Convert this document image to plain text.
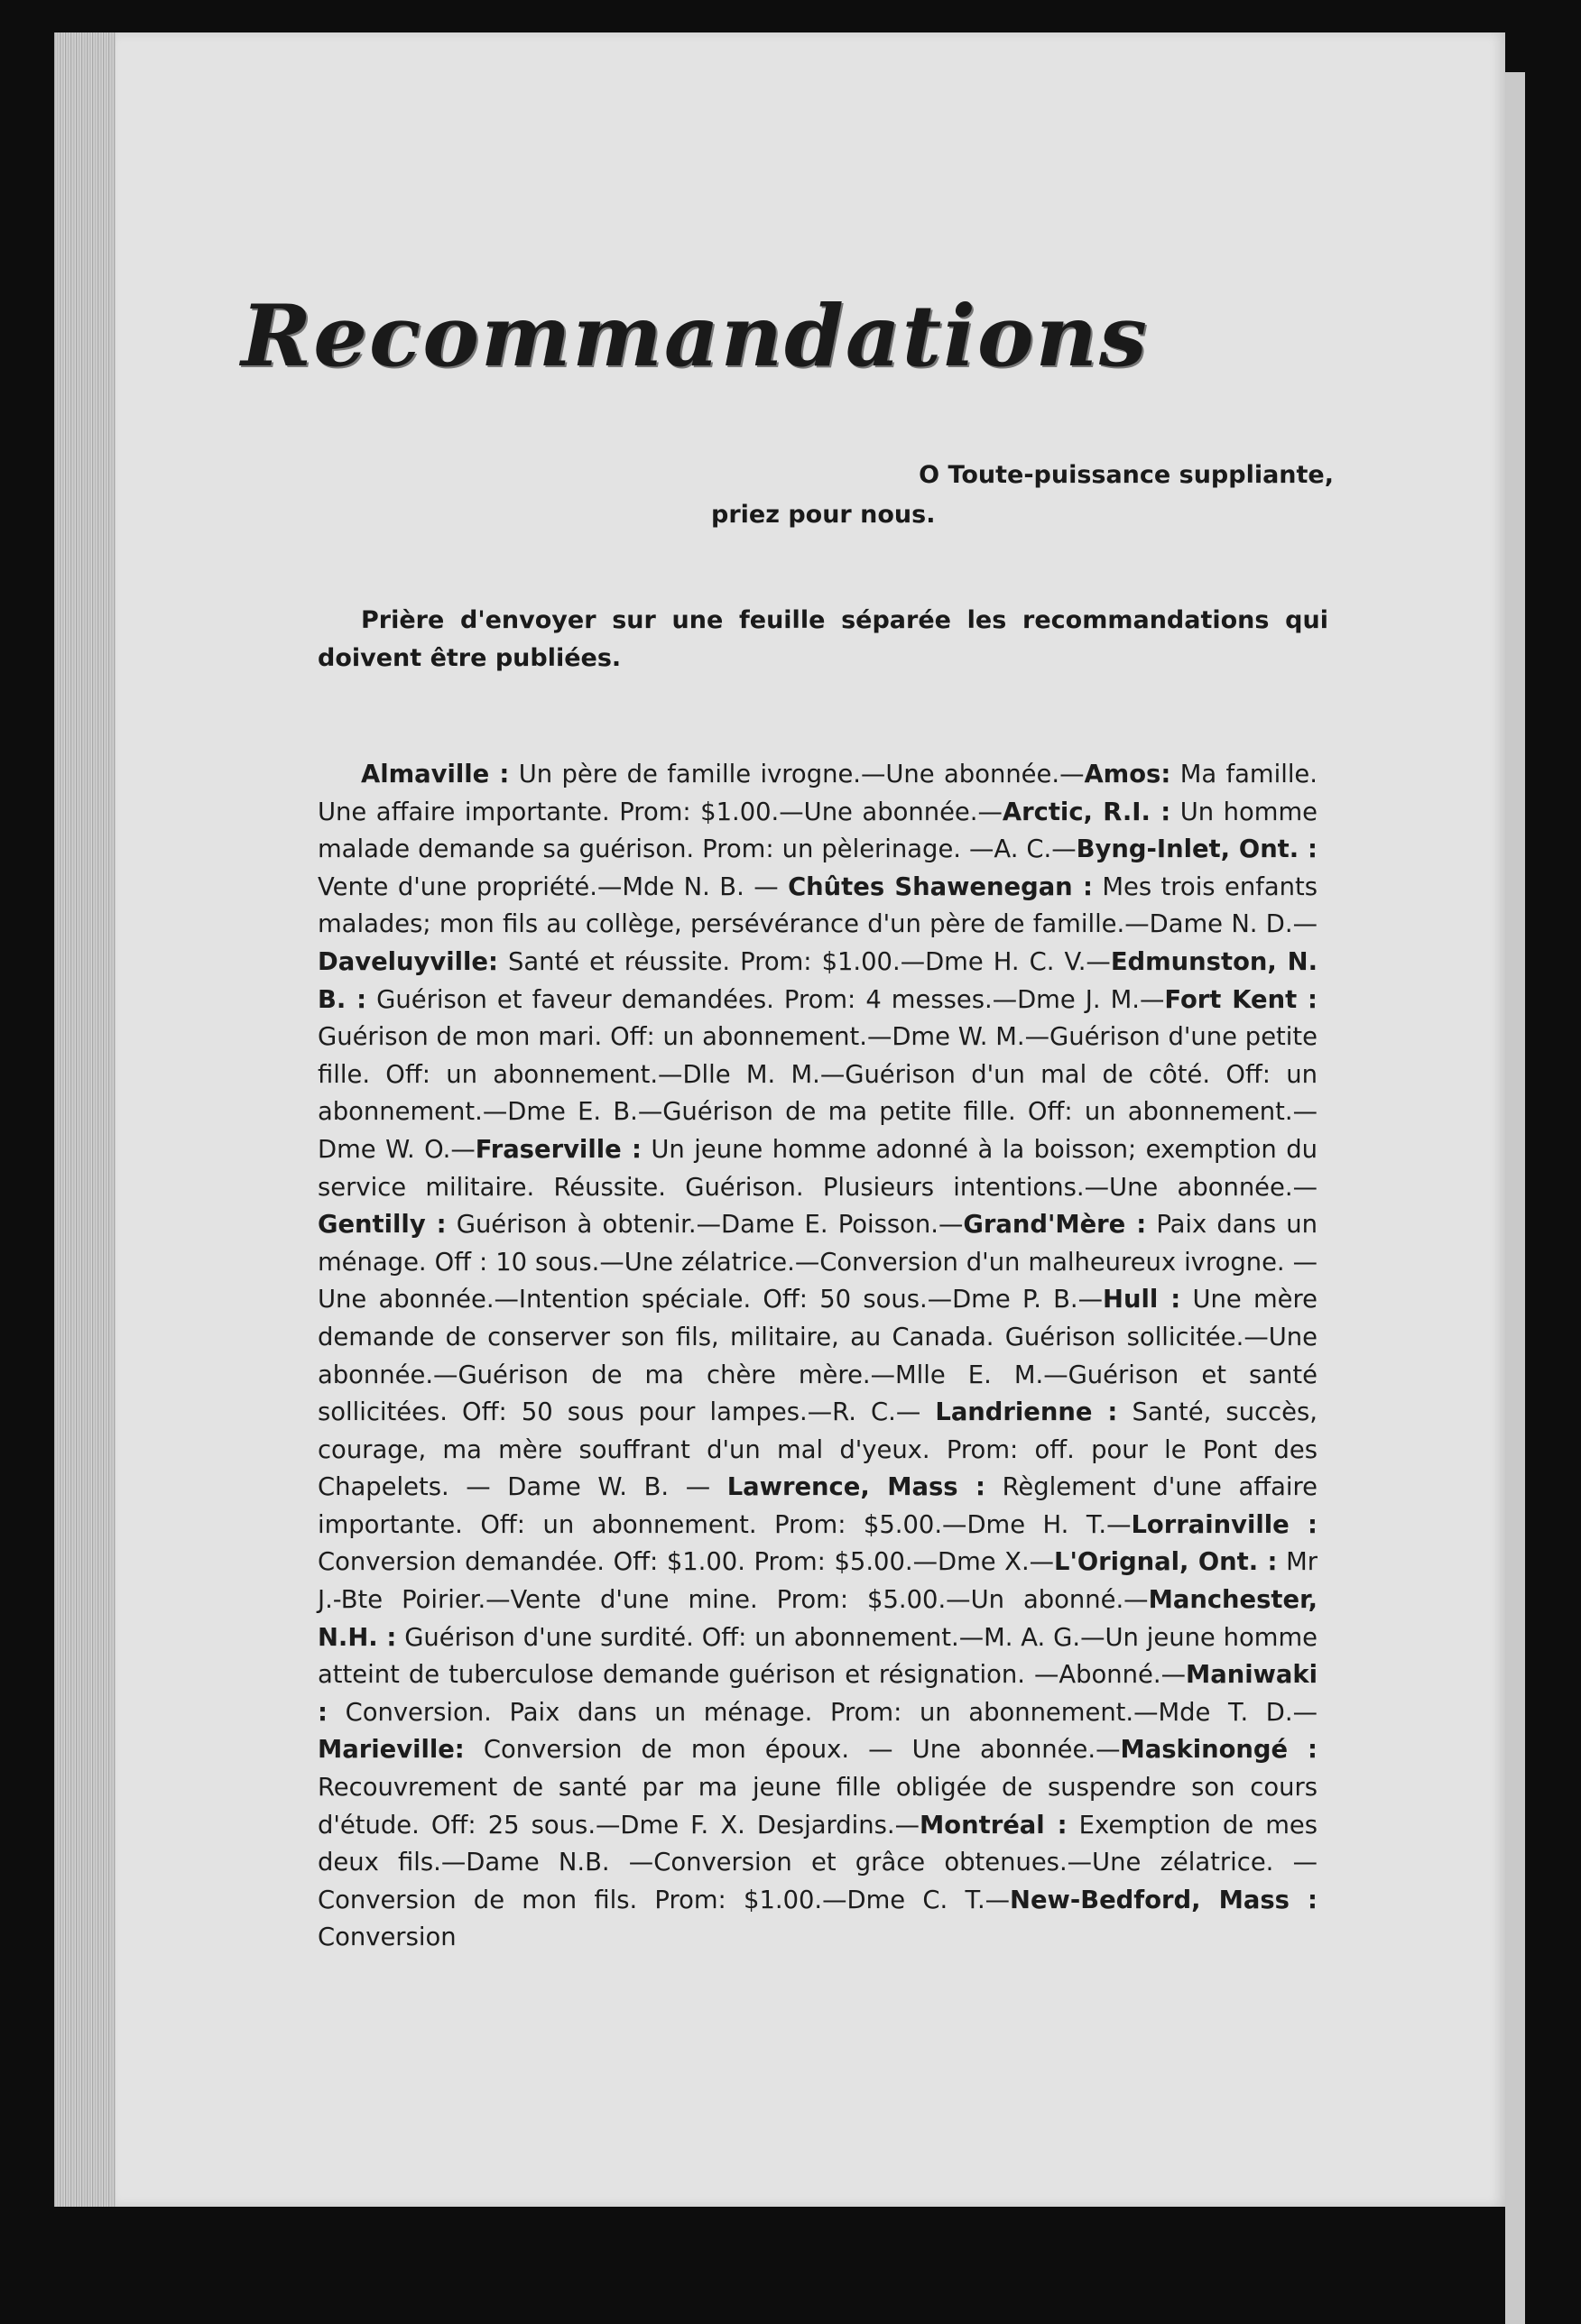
Recommandations
O Toute-puissance suppliante,
priez pour nous.

Prière d'envoyer sur une feuille séparée les recommandations qui doivent être publiées.

Almaville : Un père de famille ivrogne.—Une abonnée.—Amos: Ma famille. Une affaire importante. Prom: $1.00.—Une abonnée.—Arctic, R.I. : Un homme malade demande sa guérison. Prom: un pèlerinage. —A. C.—Byng-Inlet, Ont. : Vente d'une propriété.—Mde N. B. — Chûtes Shawenegan : Mes trois enfants malades; mon fils au collège, persévérance d'un père de famille.—Dame N. D.—Daveluyville: Santé et réussite. Prom: $1.00.—Dme H. C. V.—Edmunston, N. B. : Guérison et faveur demandées. Prom: 4 messes.—Dme J. M.—Fort Kent : Guérison de mon mari. Off: un abonnement.—Dme W. M.—Guérison d'une petite fille. Off: un abonnement.—Dlle M. M.—Guérison d'un mal de côté. Off: un abonnement.—Dme E. B.—Guérison de ma petite fille. Off: un abonnement.—Dme W. O.—Fraserville : Un jeune homme adonné à la boisson; exemption du service militaire. Réussite. Guérison. Plusieurs intentions.—Une abonnée.—Gentilly : Guérison à obtenir.—Dame E. Poisson.—Grand'Mère : Paix dans un ménage. Off : 10 sous.—Une zélatrice.—Conversion d'un malheureux ivrogne. — Une abonnée.—Intention spéciale. Off: 50 sous.—Dme P. B.—Hull : Une mère demande de conserver son fils, militaire, au Canada. Guérison sollicitée.—Une abonnée.—Guérison de ma chère mère.—Mlle E. M.—Guérison et santé sollicitées. Off: 50 sous pour lampes.—R. C.— Landrienne : Santé, succès, courage, ma mère souffrant d'un mal d'yeux. Prom: off. pour le Pont des Chapelets. — Dame W. B. — Lawrence, Mass : Règlement d'une affaire importante. Off: un abonnement. Prom: $5.00.—Dme H. T.—Lorrainville : Conversion demandée. Off: $1.00. Prom: $5.00.—Dme X.—L'Orignal, Ont. : Mr J.-Bte Poirier.—Vente d'une mine. Prom: $5.00.—Un abonné.—Manchester, N.H. : Guérison d'une surdité. Off: un abonnement.—M. A. G.—Un jeune homme atteint de tuberculose demande guérison et résignation. —Abonné.—Maniwaki : Conversion. Paix dans un ménage. Prom: un abonnement.—Mde T. D.—Marieville: Conversion de mon époux. — Une abonnée.—Maskinongé : Recouvrement de santé par ma jeune fille obligée de suspendre son cours d'étude. Off: 25 sous.—Dme F. X. Desjardins.—Montréal : Exemption de mes deux fils.—Dame N.B. —Conversion et grâce obtenues.—Une zélatrice. — Conversion de mon fils. Prom: $1.00.—Dme C. T.—New-Bedford, Mass : Conversion
